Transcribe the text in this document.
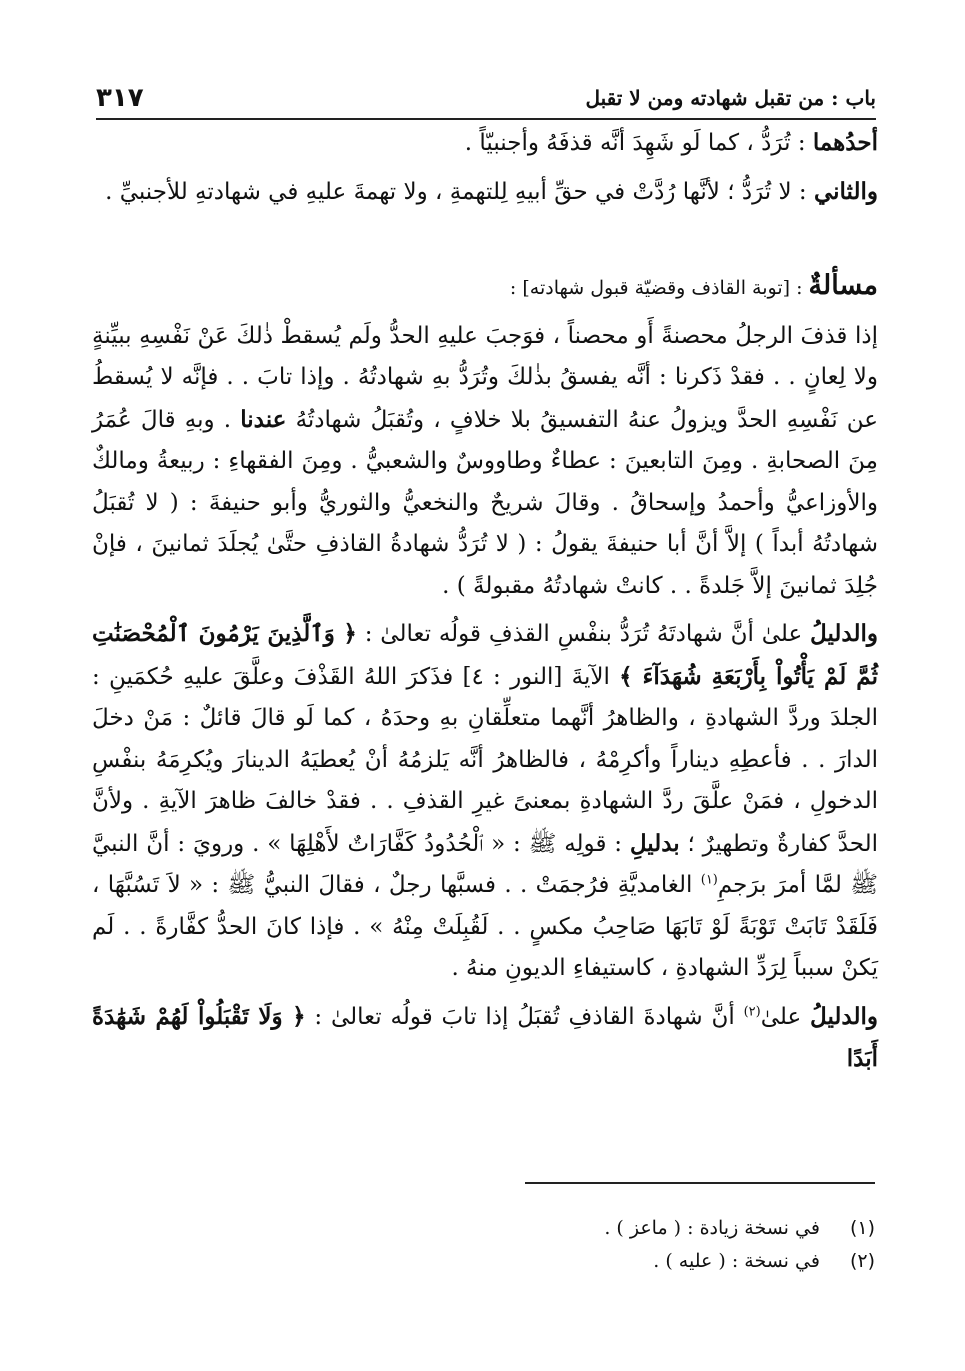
باب : من تقبل شهادته ومن لا تقبل
٣١٧

أحدُهما : تُرَدُّ ، كما لَو شَهِدَ أنَّه قذفَهُ وأجنبيّاً .

والثاني : لا تُرَدُّ ؛ لأنَّها رُدَّتْ في حقِّ أبيهِ لِلتهمةِ ، ولا تهمةَ عليهِ في شهادتهِ للأجنبيِّ .

مسألةٌ : [توبة القاذف وقضيّة قبول شهادته] :

إذا قذفَ الرجلُ محصنةً أَو محصناً ، فوَجبَ عليهِ الحدُّ ولَم يُسقطْ ذٰلكَ عَنْ نَفْسِهِ ببيِّنةٍ ولا لِعانٍ . . فقدْ ذَكرنا : أنَّه يفسقُ بذٰلكَ وتُرَدُّ بهِ شهادتُهُ . وإذا تابَ . . فإنَّه لا يُسقطُ عن نَفْسِهِ الحدَّ ويزولُ عنهُ التفسيقُ بلا خلافٍ ، وتُقبَلُ شهادتُهُ عندنا . وبهِ قالَ عُمَرُ مِنَ الصحابةِ . ومِنَ التابعينَ : عطاءٌ وطاووسٌ والشعبيُّ . ومِنَ الفقهاءِ : ربيعةُ ومالكٌ والأوزاعيُّ وأحمدُ وإسحاقُ . وقالَ شريحٌ والنخعيُّ والثوريُّ وأبو حنيفةَ : ( لا تُقبَلُ شهادتُهُ أبداً ) إلاَّ أنَّ أبا حنيفةَ يقولُ : ( لا تُرَدُّ شهادةُ القاذفِ حتَّىٰ يُجلَدَ ثمانينَ ، فإنْ جُلِدَ ثمانينَ إلاَّ جَلدةً . . كانتْ شهادتُهُ مقبولةً ) .

والدليلُ علىٰ أنَّ شهادتَهُ تُرَدُّ بنفْسِ القذفِ قولُه تعالىٰ : ﴿ وَٱلَّذِينَ يَرْمُونَ ٱلْمُحْصَنَٰتِ ثُمَّ لَمْ يَأْتُواْ بِأَرْبَعَةِ شُهَدَآءَ ﴾ الآيةَ [النور : ٤] فذَكرَ اللهُ القَذْفَ وعلَّقَ عليهِ حُكمَينِ : الجلدَ وردَّ الشهادةِ ، والظاهرُ أنَّهما متعلِّقانِ بهِ وحدَهُ ، كما لَو قالَ قائلٌ : مَنْ دخلَ الدارَ . . فأعطِهِ ديناراً وأكرِمْهُ ، فالظاهرُ أنَّه يَلزمُهُ أنْ يُعطيَهُ الدينارَ ويُكرِمَهُ بنفْسِ الدخولِ ، فمَنْ علَّقَ ردَّ الشهادةِ بمعنىً غيرِ القذفِ . . فقدْ خالفَ ظاهرَ الآيةِ . ولأنَّ الحدَّ كفارةٌ وتطهيرٌ ؛ بدليلِ : قولِه ﷺ : « ٱلْحُدُودُ كَفَّارَاتٌ لأَهْلِهَا » . ورويَ : أنَّ النبيَّ ﷺ لمَّا أمرَ برَجمِ$^{(١)}$ الغامديَّةِ فرُجمَتْ . . فسبَّها رجلٌ ، فقالَ النبيُّ ﷺ : « لاَ تَسُبَّهَا ، فَلَقَدْ تَابَتْ تَوْبَةً لَوْ تَابَهَا صَاحِبُ مكسٍ . . لَقُبِلَتْ مِنْهُ » . فإذا كانَ الحدُّ كفَّارةً . . لَم يَكنْ سبباً لِرَدِّ الشهادةِ ، كاستيفاءِ الديونِ منهُ .

والدليلُ علىٰ$^{(٢)}$ أنَّ شهادةَ القاذفِ تُقبَلُ إذا تابَ قولُه تعالىٰ : ﴿ وَلَا تَقْبَلُواْ لَهُمْ شَهَٰدَةً أَبَدًا

(١)
في نسخة زيادة : ( ماعز ) .
(٢)
في نسخة : ( عليه ) .
